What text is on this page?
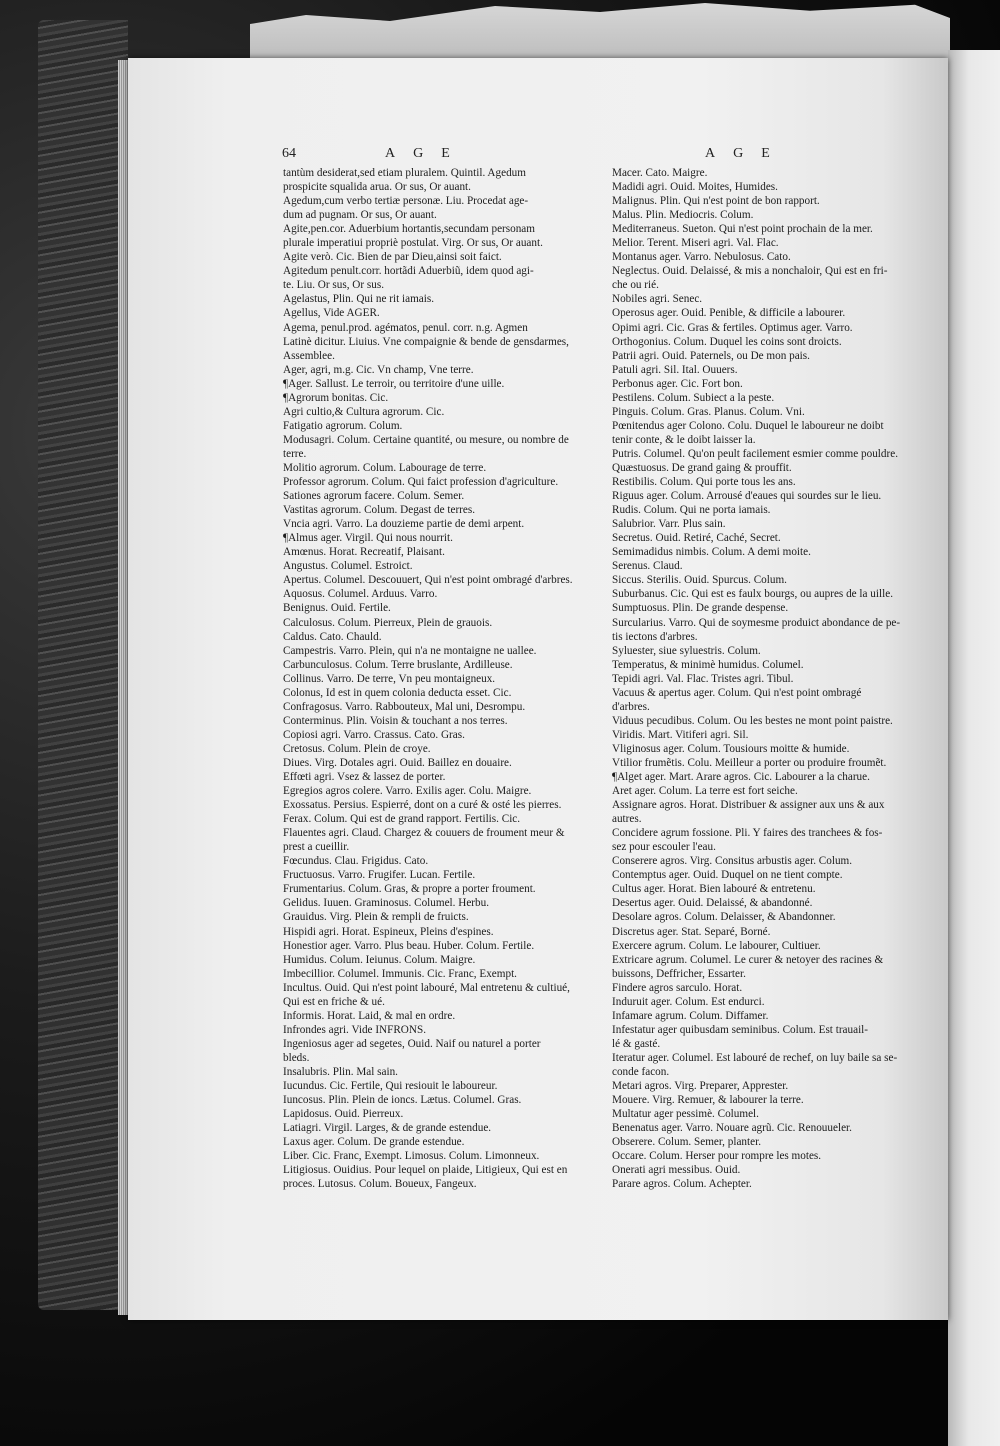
64	AGE	AGE
tantùm desiderat,sed etiam pluralem. Quintil. Agedum
prospicite squalida arua. Or sus, Or auant.
Agedum,cum verbo tertiæ personæ. Liu. Procedat age-
dum ad pugnam. Or sus, Or auant.
Agite,pen.cor. Aduerbium hortantis,secundam personam
plurale imperatiui propriè postulat. Virg. Or sus, Or auant.
Agite verò. Cic. Bien de par Dieu,ainsi soit faict.
Agitedum penult.corr. hortãdi Aduerbiũ, idem quod agi-
te. Liu. Or sus, Or sus.
Agelastus, Plin. Qui ne rit iamais.
Agellus, Vide AGER.
Agema, penul.prod. agématos, penul. corr. n.g. Agmen
Latinè dicitur. Liuius. Vne compaignie & bende de gensdarmes,
Assemblee.
Ager, agri, m.g. Cic. Vn champ, Vne terre.
¶Ager. Sallust. Le terroir, ou territoire d'une uille.
¶Agrorum bonitas. Cic.
Agri cultio,& Cultura agrorum. Cic.
Fatigatio agrorum. Colum.
Modusagri. Colum. Certaine quantité, ou mesure, ou nombre de
terre.
Molitio agrorum. Colum. Labourage de terre.
Professor agrorum. Colum. Qui faict profession d'agriculture.
Sationes agrorum facere. Colum. Semer.
Vastitas agrorum. Colum. Degast de terres.
Vncia agri. Varro. La douzieme partie de demi arpent.
¶Almus ager. Virgil. Qui nous nourrit.
Amœnus. Horat. Recreatif, Plaisant.
Angustus. Columel. Estroict.
Apertus. Columel. Descouuert, Qui n'est point ombragé d'arbres.
Aquosus. Columel. Arduus. Varro.
Benignus. Ouid. Fertile.
Calculosus. Colum. Pierreux, Plein de grauois.
Caldus. Cato. Chauld.
Campestris. Varro. Plein, qui n'a ne montaigne ne uallee.
Carbunculosus. Colum. Terre bruslante, Ardilleuse.
Collinus. Varro. De terre, Vn peu montaigneux.
Colonus, Id est in quem colonia deducta esset. Cic.
Confragosus. Varro. Rabbouteux, Mal uni, Desrompu.
Conterminus. Plin. Voisin & touchant a nos terres.
Copiosi agri. Varro. Crassus. Cato. Gras.
Cretosus. Colum. Plein de croye.
Diues. Virg. Dotales agri. Ouid. Baillez en douaire.
Effœti agri. Vsez & lassez de porter.
Egregios agros colere. Varro. Exilis ager. Colu. Maigre.
Exossatus. Persius. Espierré, dont on a curé & osté les pierres.
Ferax. Colum. Qui est de grand rapport. Fertilis. Cic.
Flauentes agri. Claud. Chargez & couuers de froument meur &
prest a cueillir.
Fœcundus. Clau. Frigidus. Cato.
Fructuosus. Varro. Frugifer. Lucan. Fertile.
Frumentarius. Colum. Gras, & propre a porter froument.
Gelidus. Iuuen. Graminosus. Columel. Herbu.
Grauidus. Virg. Plein & rempli de fruicts.
Hispidi agri. Horat. Espineux, Pleins d'espines.
Honestior ager. Varro. Plus beau. Huber. Colum. Fertile.
Humidus. Colum. Ieiunus. Colum. Maigre.
Imbecillior. Columel. Immunis. Cic. Franc, Exempt.
Incultus. Ouid. Qui n'est point labouré, Mal entretenu & cultiué,
Qui est en friche & ué.
Informis. Horat. Laid, & mal en ordre.
Infrondes agri. Vide INFRONS.
Ingeniosus ager ad segetes, Ouid. Naif ou naturel a porter
bleds.
Insalubris. Plin. Mal sain.
Iucundus. Cic. Fertile, Qui resiouit le laboureur.
Iuncosus. Plin. Plein de ioncs. Lætus. Columel. Gras.
Lapidosus. Ouid. Pierreux.
Latiagri. Virgil. Larges, & de grande estendue.
Laxus ager. Colum. De grande estendue.
Liber. Cic. Franc, Exempt. Limosus. Colum. Limonneux.
Litigiosus. Ouidius. Pour lequel on plaide, Litigieux, Qui est en
proces. Lutosus. Colum. Boueux, Fangeux.
Macer. Cato. Maigre.
Madidi agri. Ouid. Moites, Humides.
Malignus. Plin. Qui n'est point de bon rapport.
Malus. Plin. Mediocris. Colum.
Mediterraneus. Sueton. Qui n'est point prochain de la mer.
Melior. Terent. Miseri agri. Val. Flac.
Montanus ager. Varro. Nebulosus. Cato.
Neglectus. Ouid. Delaissé, & mis a nonchaloir, Qui est en fri-
che ou rié.
Nobiles agri. Senec.
Operosus ager. Ouid. Penible, & difficile a labourer.
Opimi agri. Cic. Gras & fertiles. Optimus ager. Varro.
Orthogonius. Colum. Duquel les coins sont droicts.
Patrii agri. Ouid. Paternels, ou De mon pais.
Patuli agri. Sil. Ital. Ouuers.
Perbonus ager. Cic. Fort bon.
Pestilens. Colum. Subiect a la peste.
Pinguis. Colum. Gras. Planus. Colum. Vni.
Pœnitendus ager Colono. Colu. Duquel le laboureur ne doibt
tenir conte, & le doibt laisser la.
Putris. Columel. Qu'on peult facilement esmier comme pouldre.
Quæstuosus. De grand gaing & prouffit.
Restibilis. Colum. Qui porte tous les ans.
Riguus ager. Colum. Arrousé d'eaues qui sourdes sur le lieu.
Rudis. Colum. Qui ne porta iamais.
Salubrior. Varr. Plus sain.
Secretus. Ouid. Retiré, Caché, Secret.
Semimadidus nimbis. Colum. A demi moite.
Serenus. Claud.
Siccus. Sterilis. Ouid. Spurcus. Colum.
Suburbanus. Cic. Qui est es faulx bourgs, ou aupres de la uille.
Sumptuosus. Plin. De grande despense.
Surcularius. Varro. Qui de soymesme produict abondance de pe-
tis iectons d'arbres.
Syluester, siue syluestris. Colum.
Temperatus, & minimè humidus. Columel.
Tepidi agri. Val. Flac. Tristes agri. Tibul.
Vacuus & apertus ager. Colum. Qui n'est point ombragé
d'arbres.
Viduus pecudibus. Colum. Ou les bestes ne mont point paistre.
Viridis. Mart. Vitiferi agri. Sil.
Vliginosus ager. Colum. Tousiours moitte & humide.
Vtilior frumẽtis. Colu. Meilleur a porter ou produire froumẽt.
¶Alget ager. Mart. Arare agros. Cic. Labourer a la charue.
Aret ager. Colum. La terre est fort seiche.
Assignare agros. Horat. Distribuer & assigner aux uns & aux
autres.
Concidere agrum fossione. Pli. Y faires des tranchees & fos-
sez pour escouler l'eau.
Conserere agros. Virg. Consitus arbustis ager. Colum.
Contemptus ager. Ouid. Duquel on ne tient compte.
Cultus ager. Horat. Bien labouré & entretenu.
Desertus ager. Ouid. Delaissé, & abandonné.
Desolare agros. Colum. Delaisser, & Abandonner.
Discretus ager. Stat. Separé, Borné.
Exercere agrum. Colum. Le labourer, Cultiuer.
Extricare agrum. Columel. Le curer & netoyer des racines &
buissons, Deffricher, Essarter.
Findere agros sarculo. Horat.
Induruit ager. Colum. Est endurci.
Infamare agrum. Colum. Diffamer.
Infestatur ager quibusdam seminibus. Colum. Est trauail-
lé & gasté.
Iteratur ager. Columel. Est labouré de rechef, on luy baile sa se-
conde facon.
Metari agros. Virg. Preparer, Apprester.
Mouere. Virg. Remuer, & labourer la terre.
Multatur ager pessimè. Columel.
Benenatus ager. Varro. Nouare agrũ. Cic. Renouueler.
Obserere. Colum. Semer, planter.
Occare. Colum. Herser pour rompre les motes.
Onerati agri messibus. Ouid.
Parare agros. Colum. Achepter.
